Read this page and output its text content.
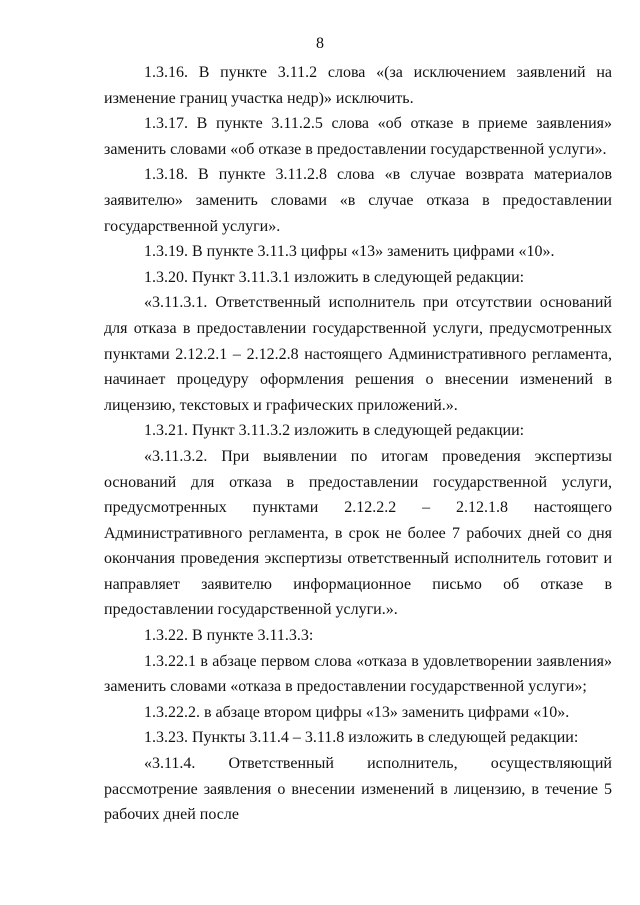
8

1.3.16. В пункте 3.11.2 слова «(за исключением заявлений на изменение границ участка недр)» исключить.

1.3.17. В пункте 3.11.2.5 слова «об отказе в приеме заявления» заменить словами «об отказе в предоставлении государственной услуги».

1.3.18. В пункте 3.11.2.8 слова «в случае возврата материалов заявителю» заменить словами «в случае отказа в предоставлении государственной услуги».

1.3.19. В пункте 3.11.3 цифры «13» заменить цифрами «10».

1.3.20. Пункт 3.11.3.1 изложить в следующей редакции:

«3.11.3.1. Ответственный исполнитель при отсутствии оснований для отказа в предоставлении государственной услуги, предусмотренных пунктами 2.12.2.1 – 2.12.2.8 настоящего Административного регламента, начинает процедуру оформления решения о внесении изменений в лицензию, текстовых и графических приложений.».

1.3.21. Пункт 3.11.3.2 изложить в следующей редакции:

«3.11.3.2. При выявлении по итогам проведения экспертизы оснований для отказа в предоставлении государственной услуги, предусмотренных пунктами 2.12.2.2 – 2.12.1.8 настоящего Административного регламента, в срок не более 7 рабочих дней со дня окончания проведения экспертизы ответственный исполнитель готовит и направляет заявителю информационное письмо об отказе в предоставлении государственной услуги.».

1.3.22. В пункте 3.11.3.3:

1.3.22.1 в абзаце первом слова «отказа в удовлетворении заявления» заменить словами «отказа в предоставлении государственной услуги»;

1.3.22.2. в абзаце втором цифры «13» заменить цифрами «10».

1.3.23. Пункты 3.11.4 – 3.11.8 изложить в следующей редакции:

«3.11.4. Ответственный исполнитель, осуществляющий рассмотрение заявления о внесении изменений в лицензию, в течение 5 рабочих дней после
